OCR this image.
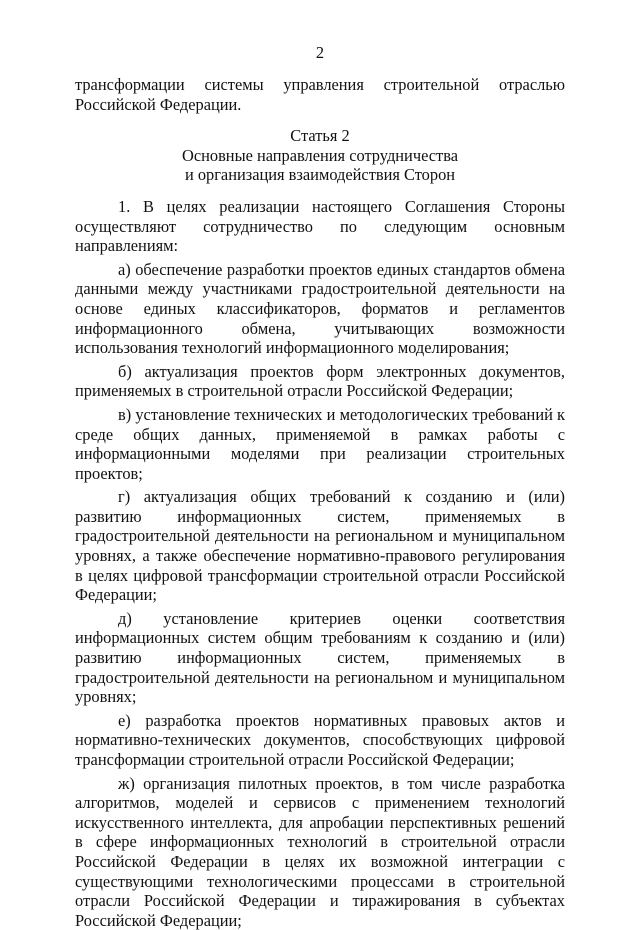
2

трансформации системы управления строительной отраслью Российской Федерации.

Статья 2
Основные направления сотрудничества
и организация взаимодействия Сторон

1. В целях реализации настоящего Соглашения Стороны осуществляют сотрудничество по следующим основным направлениям:

а) обеспечение разработки проектов единых стандартов обмена данными между участниками градостроительной деятельности на основе единых классификаторов, форматов и регламентов информационного обмена, учитывающих возможности использования технологий информационного моделирования;

б) актуализация проектов форм электронных документов, применяемых в строительной отрасли Российской Федерации;

в) установление технических и методологических требований к среде общих данных, применяемой в рамках работы с информационными моделями при реализации строительных проектов;

г) актуализация общих требований к созданию и (или) развитию информационных систем, применяемых в градостроительной деятельности на региональном и муниципальном уровнях, а также обеспечение нормативно-правового регулирования в целях цифровой трансформации строительной отрасли Российской Федерации;

д) установление критериев оценки соответствия информационных систем общим требованиям к созданию и (или) развитию информационных систем, применяемых в градостроительной деятельности на региональном и муниципальном уровнях;

е) разработка проектов нормативных правовых актов и нормативно-технических документов, способствующих цифровой трансформации строительной отрасли Российской Федерации;

ж) организация пилотных проектов, в том числе разработка алгоритмов, моделей и сервисов с применением технологий искусственного интеллекта, для апробации перспективных решений в сфере информационных технологий в строительной отрасли Российской Федерации в целях их возможной интеграции с существующими технологическими процессами в строительной отрасли Российской Федерации и тиражирования в субъектах Российской Федерации;
